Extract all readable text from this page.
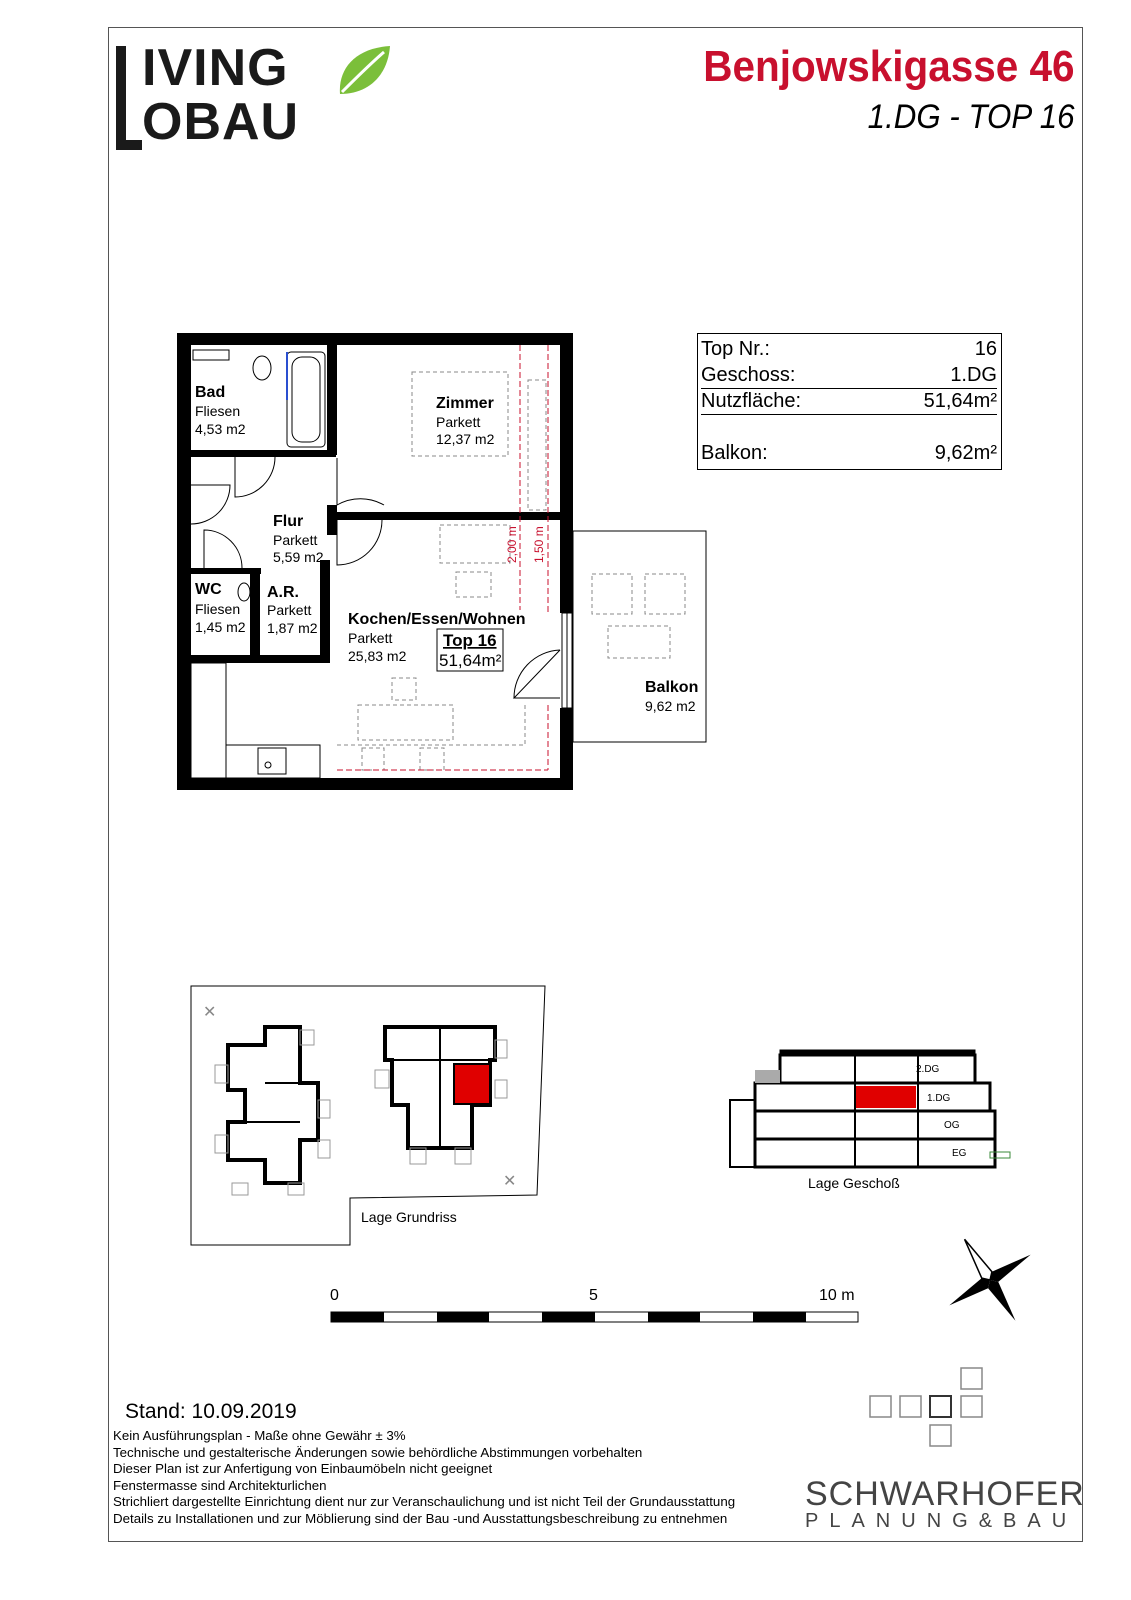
IVING
OBAU
Benjowskigasse 46
1.DG - TOP 16
Top Nr.:	16
Geschoss:	1.DG
Nutzfläche:	51,64m²
Balkon:	9,62m²
Bad
Fliesen
4,53 m2
Zimmer
Parkett
12,37 m2
Flur
Parkett
5,59 m2
WC
Fliesen
1,45 m2
A.R.
Parkett
1,87 m2 Kochen/Essen/Wohnen
Parkett
25,83 m2
Balkon
9,62 m2
Top 16
51,64m²
2,00 m 1,50 m
✕
✕
Lage Grundriss
2.DG
1.DG
OG
EG
Lage Geschoß
0	5	10 m
Stand: 10.09.2019
Kein Ausführungsplan - Maße ohne Gewähr ± 3%
Technische und gestalterische Änderungen sowie behördliche Abstimmungen vorbehalten
Dieser Plan ist zur Anfertigung von Einbaumöbeln nicht geeignet
Fenstermasse sind Architekturlichen
Strichliert dargestellte Einrichtung dient nur zur Veranschaulichung und ist nicht Teil der Grundausstattung
Details zu Installationen und zur Möblierung sind der Bau -und Ausstattungsbeschreibung zu entnehmen
SCHWARHOFER
PLANUNG&BAU
